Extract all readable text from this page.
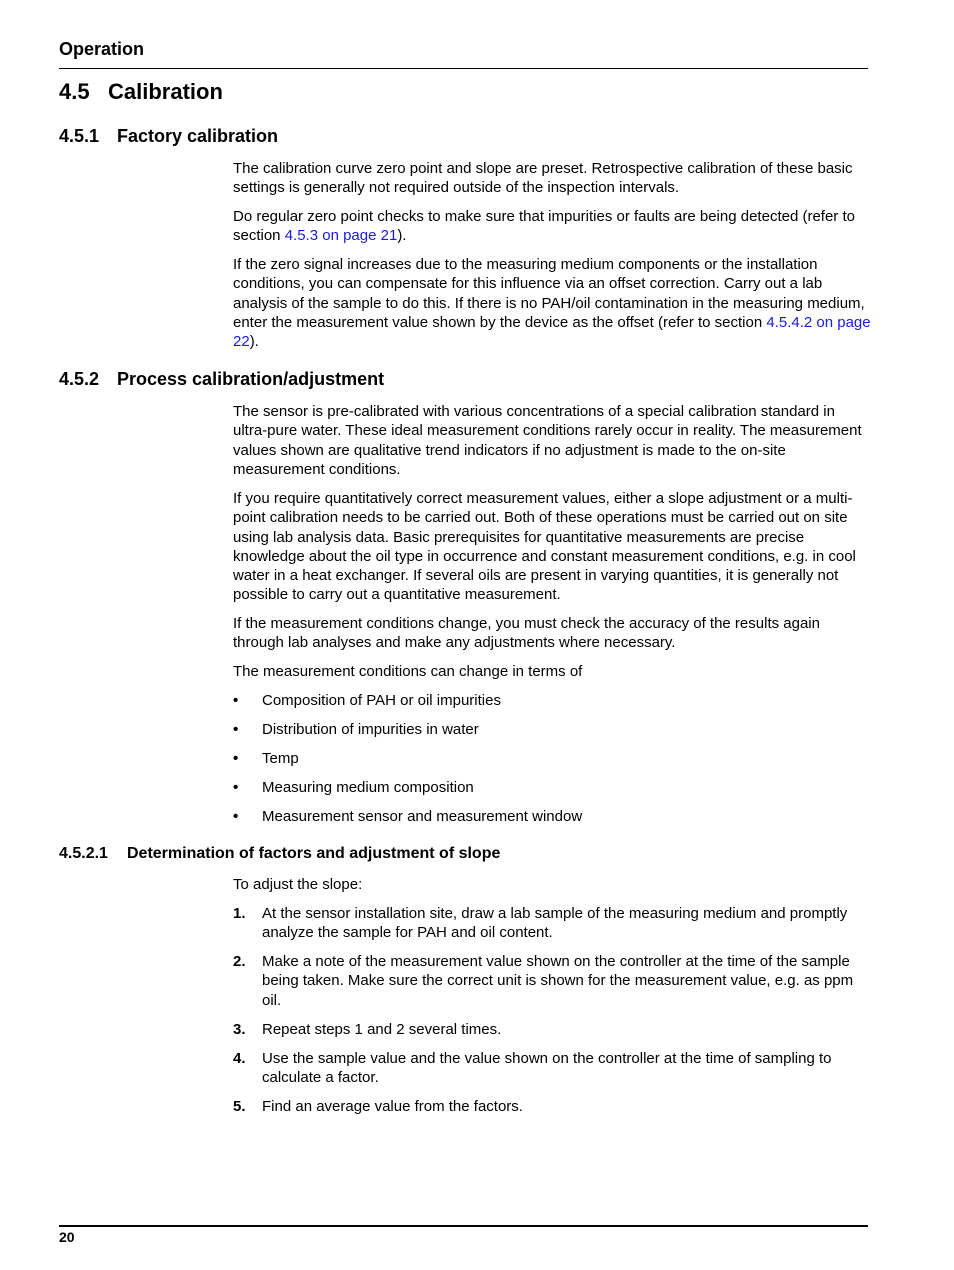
Operation
4.5 Calibration
4.5.1 Factory calibration
The calibration curve zero point and slope are preset. Retrospective calibration of these basic settings is generally not required outside of the inspection intervals.
Do regular zero point checks to make sure that impurities or faults are being detected (refer to section 4.5.3 on page 21).
If the zero signal increases due to the measuring medium components or the installation conditions, you can compensate for this influence via an offset correction. Carry out a lab analysis of the sample to do this. If there is no PAH/oil contamination in the measuring medium, enter the measurement value shown by the device as the offset (refer to section 4.5.4.2 on page 22).
4.5.2 Process calibration/adjustment
The sensor is pre-calibrated with various concentrations of a special calibration standard in ultra-pure water. These ideal measurement conditions rarely occur in reality. The measurement values shown are qualitative trend indicators if no adjustment is made to the on-site measurement conditions.
If you require quantitatively correct measurement values, either a slope adjustment or a multi-point calibration needs to be carried out. Both of these operations must be carried out on site using lab analysis data. Basic prerequisites for quantitative measurements are precise knowledge about the oil type in occurrence and constant measurement conditions, e.g. in cool water in a heat exchanger. If several oils are present in varying quantities, it is generally not possible to carry out a quantitative measurement.
If the measurement conditions change, you must check the accuracy of the results again through lab analyses and make any adjustments where necessary.
The measurement conditions can change in terms of
• Composition of PAH or oil impurities
• Distribution of impurities in water
• Temp
• Measuring medium composition
• Measurement sensor and measurement window
4.5.2.1 Determination of factors and adjustment of slope
To adjust the slope:
1. At the sensor installation site, draw a lab sample of the measuring medium and promptly analyze the sample for PAH and oil content.
2. Make a note of the measurement value shown on the controller at the time of the sample being taken. Make sure the correct unit is shown for the measurement value, e.g. as ppm oil.
3. Repeat steps 1 and 2 several times.
4. Use the sample value and the value shown on the controller at the time of sampling to calculate a factor.
5. Find an average value from the factors.
20
